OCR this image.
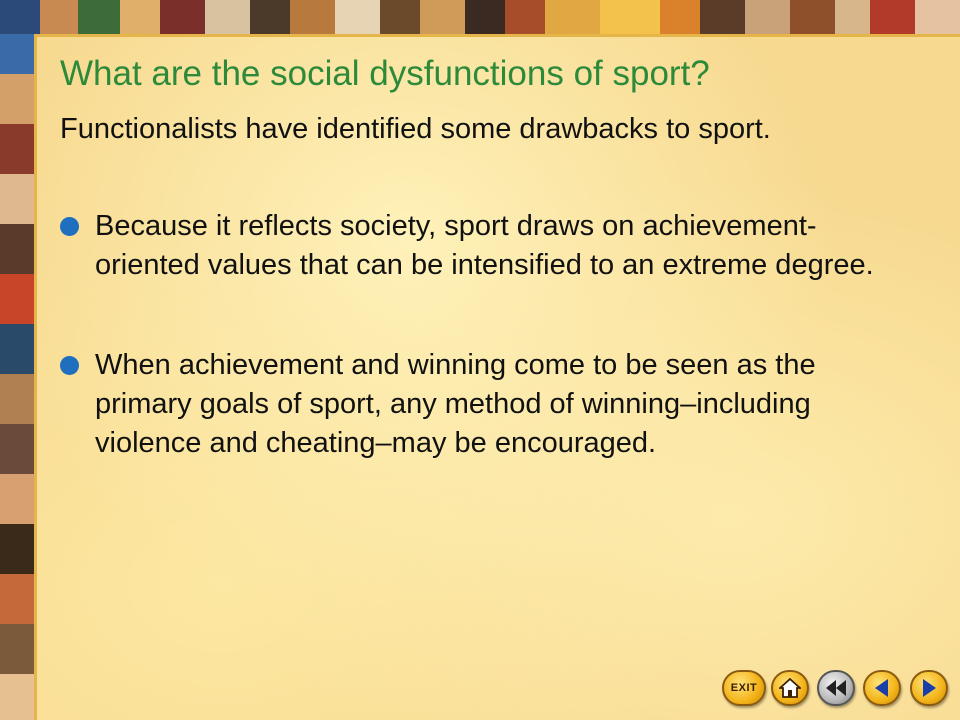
What are the social dysfunctions of sport?

Functionalists have identified some drawbacks to sport.

Because it reflects society, sport draws on achievement-oriented values that can be intensified to an extreme degree.
When achievement and winning come to be seen as the primary goals of sport, any method of winning–including violence and cheating–may be encouraged.
EXIT
